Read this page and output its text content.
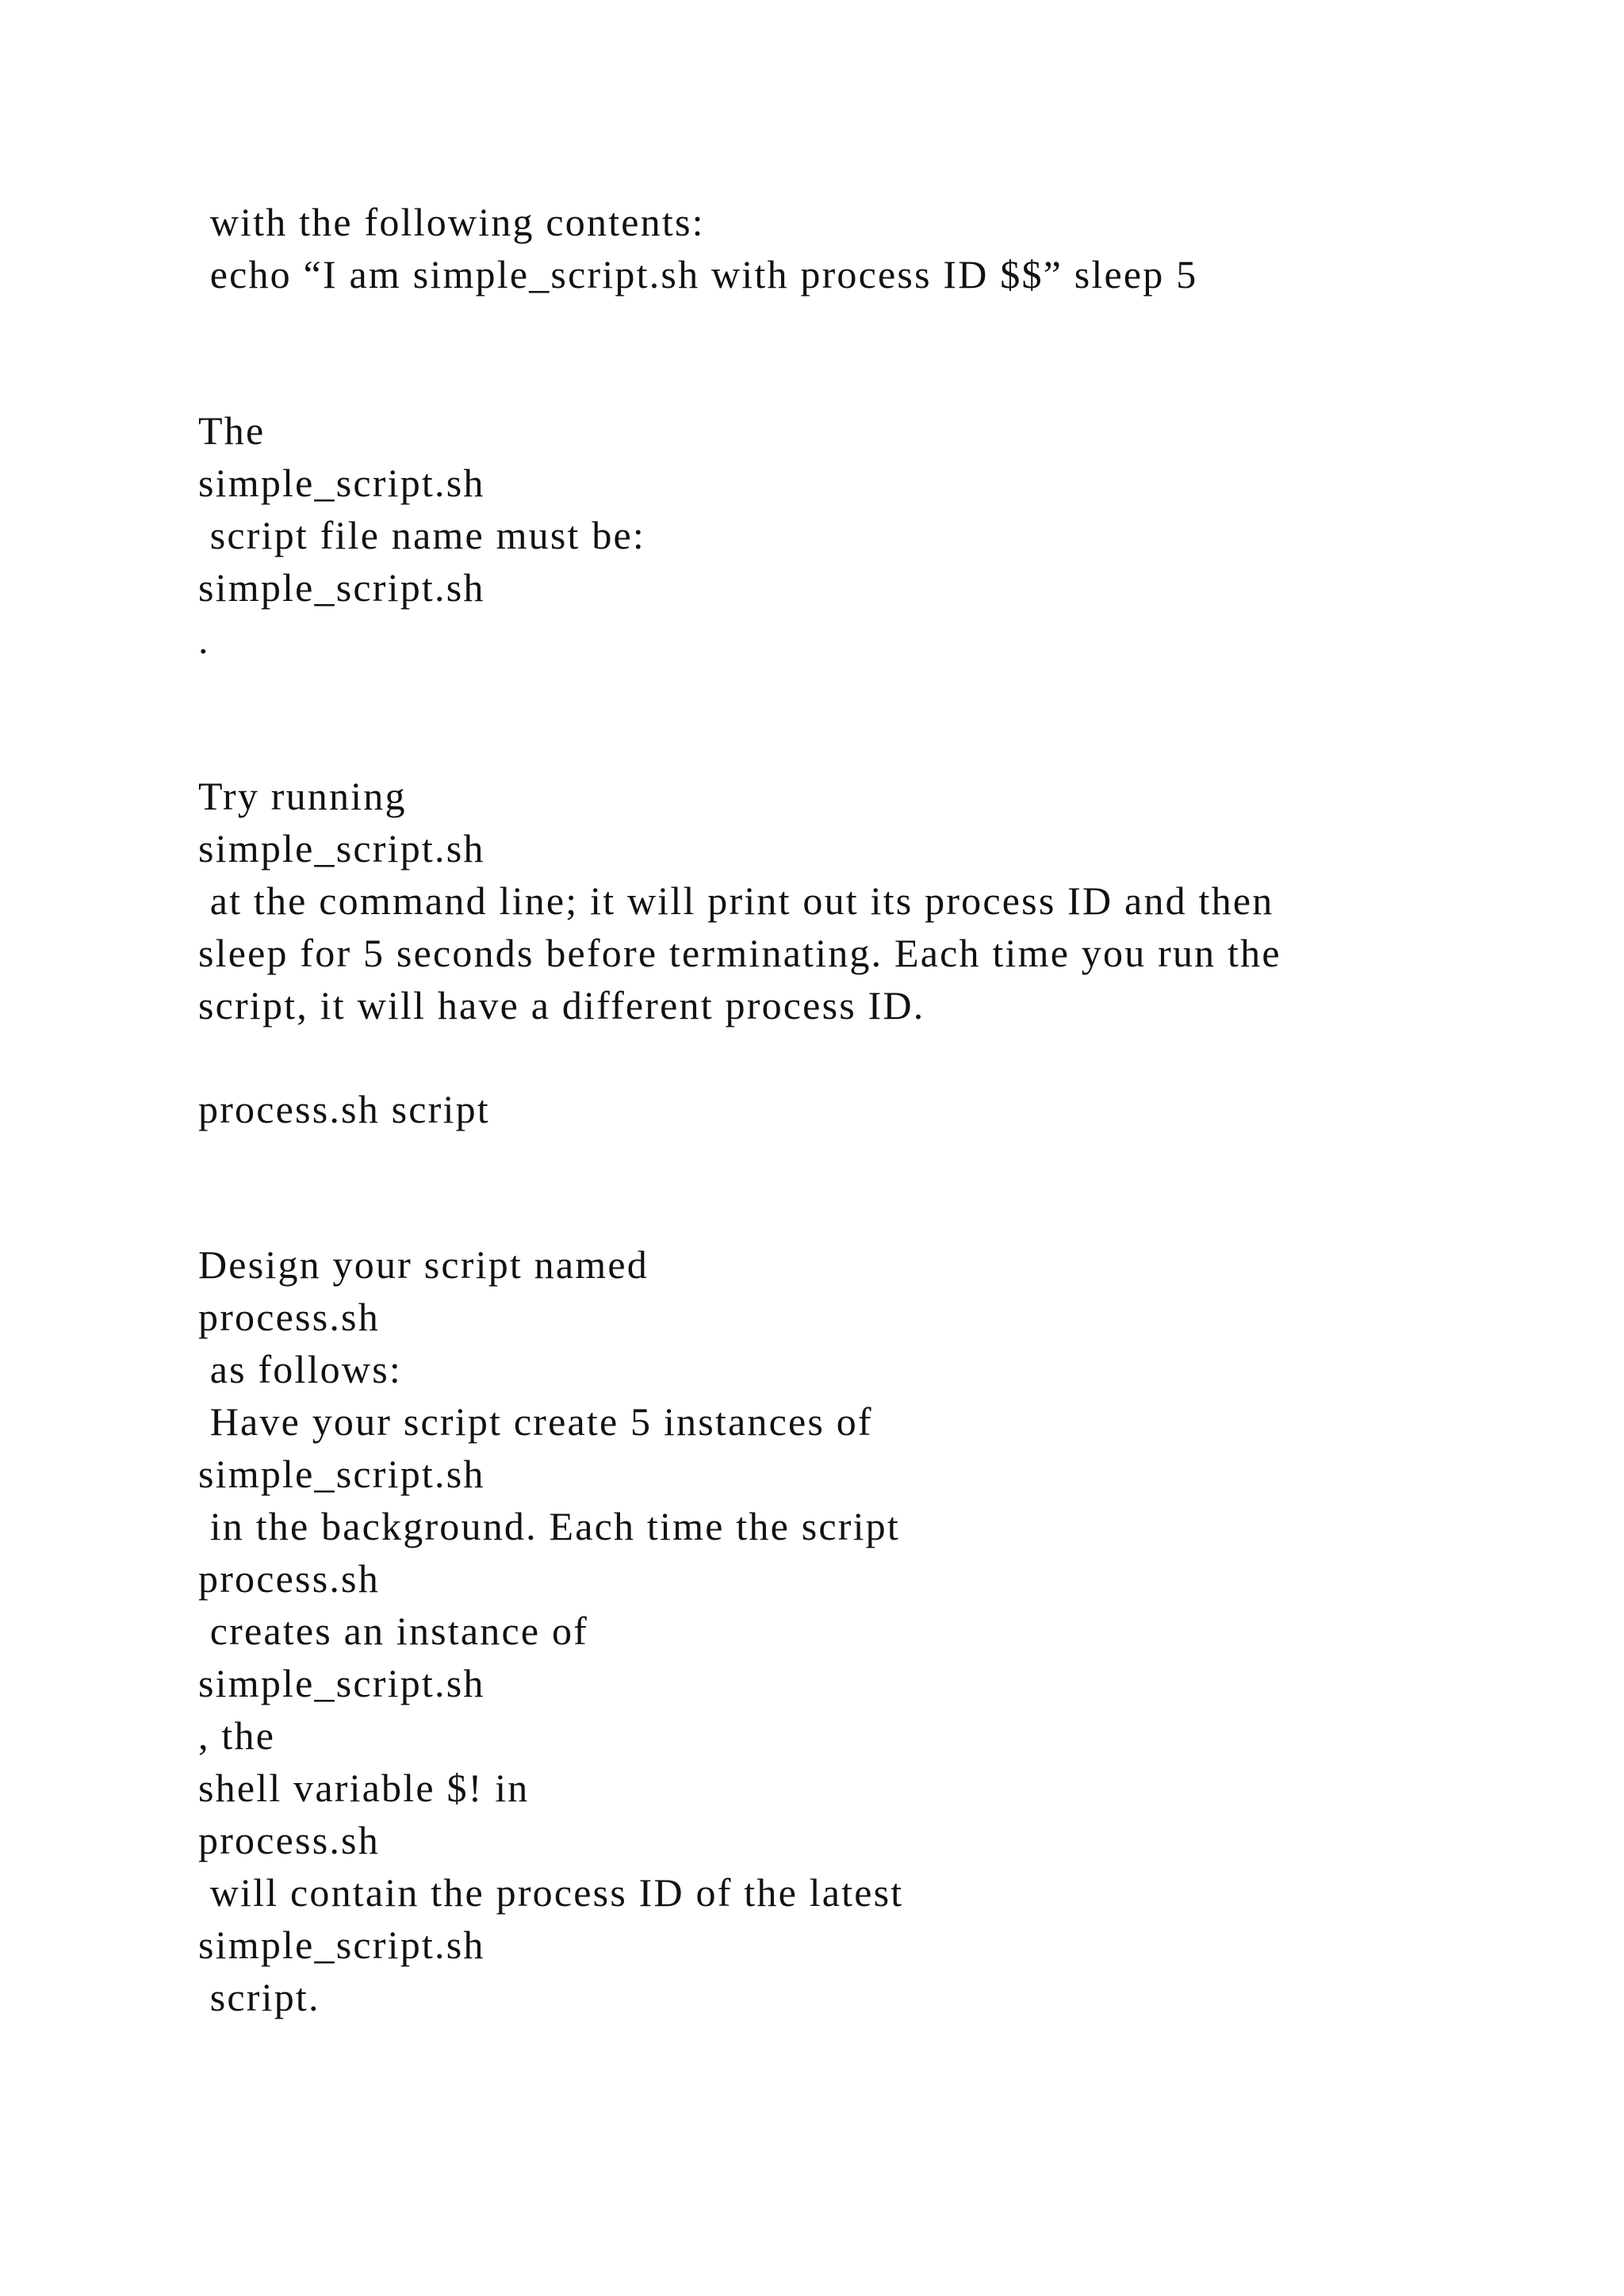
with the following contents:

echo “I am simple_script.sh with process ID $$” sleep 5

The

simple_script.sh

script file name must be:

simple_script.sh

.

Try running

simple_script.sh

at the command line; it will print out its process ID and then

sleep for 5 seconds before terminating. Each time you run the

script, it will have a different process ID.

process.sh script

Design your script named

process.sh

as follows:

Have your script create 5 instances of

simple_script.sh

in the background. Each time the script

process.sh

creates an instance of

simple_script.sh

, the

shell variable $! in

process.sh

will contain the process ID of the latest

simple_script.sh

script.
